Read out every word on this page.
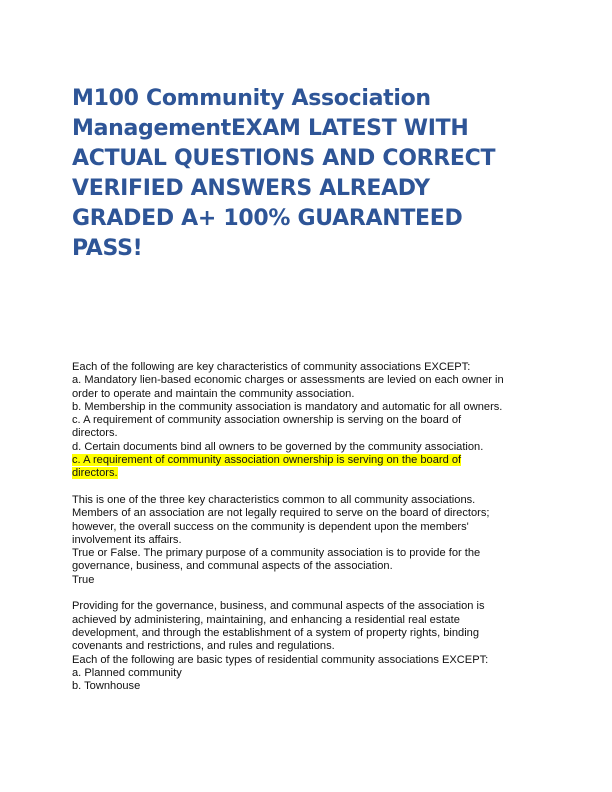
M100 Community Association
ManagementEXAM LATEST WITH
ACTUAL QUESTIONS AND CORRECT
VERIFIED ANSWERS ALREADY
GRADED A+ 100% GUARANTEED
PASS!
Each of the following are key characteristics of community associations EXCEPT:
a. Mandatory lien-based economic charges or assessments are levied on each owner in
order to operate and maintain the community association.
b. Membership in the community association is mandatory and automatic for all owners.
c. A requirement of community association ownership is serving on the board of
directors.
d. Certain documents bind all owners to be governed by the community association.
c. A requirement of community association ownership is serving on the board of
directors.
This is one of the three key characteristics common to all community associations.
Members of an association are not legally required to serve on the board of directors;
however, the overall success on the community is dependent upon the members'
involvement its affairs.
True or False. The primary purpose of a community association is to provide for the
governance, business, and communal aspects of the association.
True
Providing for the governance, business, and communal aspects of the association is
achieved by administering, maintaining, and enhancing a residential real estate
development, and through the establishment of a system of property rights, binding
covenants and restrictions, and rules and regulations.
Each of the following are basic types of residential community associations EXCEPT:
a. Planned community
b. Townhouse
